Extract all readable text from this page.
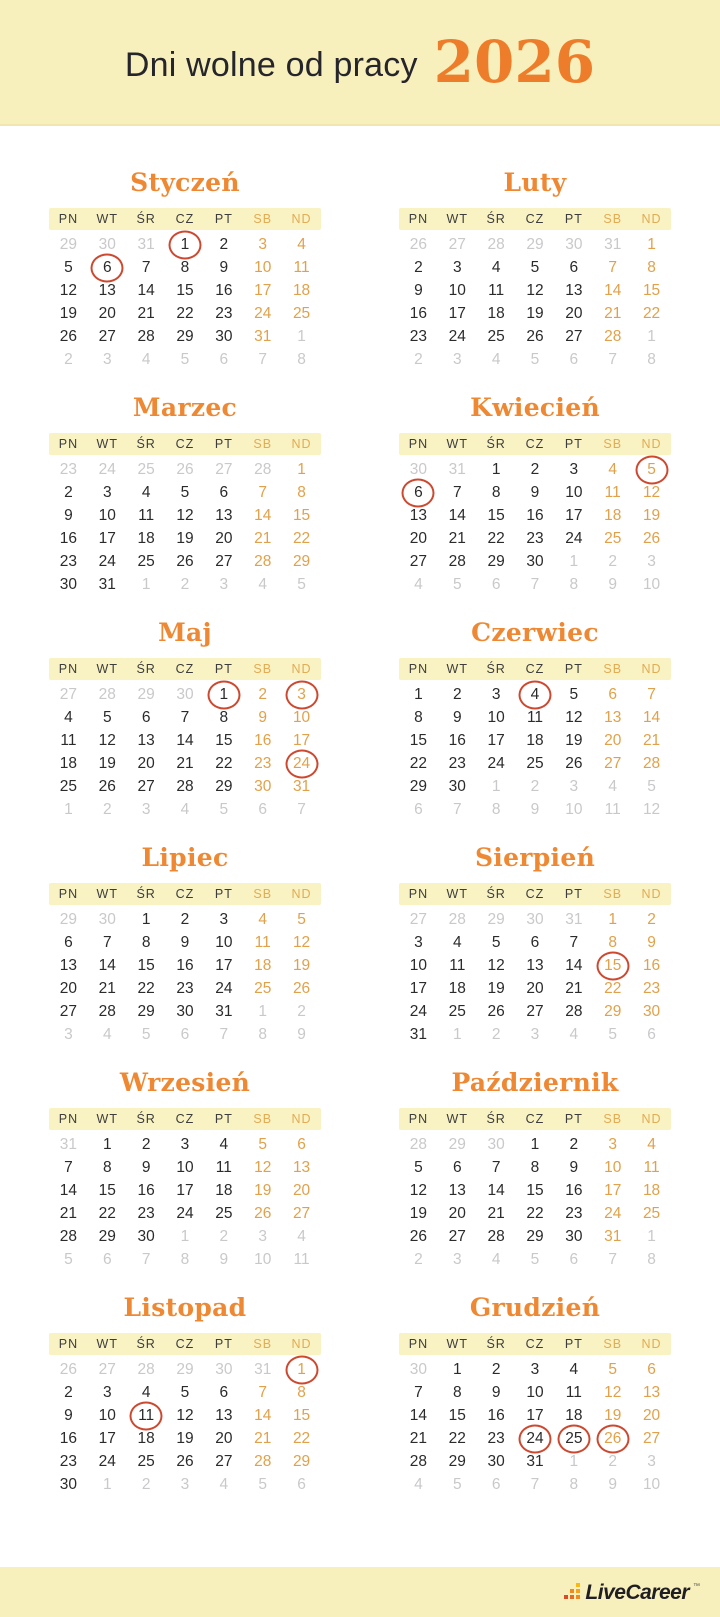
Dni wolne od pracy 2026
Styczeń
PN	WT	ŚR	CZ	PT	SB	ND
29	30	31	1	2	3	4
5	6	7	8	9	10	11
12	13	14	15	16	17	18
19	20	21	22	23	24	25
26	27	28	29	30	31	1
2	3	4	5	6	7	8
Luty
PN	WT	ŚR	CZ	PT	SB	ND
26	27	28	29	30	31	1
2	3	4	5	6	7	8
9	10	11	12	13	14	15
16	17	18	19	20	21	22
23	24	25	26	27	28	1
2	3	4	5	6	7	8
Marzec
PN	WT	ŚR	CZ	PT	SB	ND
23	24	25	26	27	28	1
2	3	4	5	6	7	8
9	10	11	12	13	14	15
16	17	18	19	20	21	22
23	24	25	26	27	28	29
30	31	1	2	3	4	5
Kwiecień
PN	WT	ŚR	CZ	PT	SB	ND
30	31	1	2	3	4	5
6	7	8	9	10	11	12
13	14	15	16	17	18	19
20	21	22	23	24	25	26
27	28	29	30	1	2	3
4	5	6	7	8	9	10
Maj
PN	WT	ŚR	CZ	PT	SB	ND
27	28	29	30	1	2	3
4	5	6	7	8	9	10
11	12	13	14	15	16	17
18	19	20	21	22	23	24
25	26	27	28	29	30	31
1	2	3	4	5	6	7
Czerwiec
PN	WT	ŚR	CZ	PT	SB	ND
1	2	3	4	5	6	7
8	9	10	11	12	13	14
15	16	17	18	19	20	21
22	23	24	25	26	27	28
29	30	1	2	3	4	5
6	7	8	9	10	11	12
Lipiec
PN	WT	ŚR	CZ	PT	SB	ND
29	30	1	2	3	4	5
6	7	8	9	10	11	12
13	14	15	16	17	18	19
20	21	22	23	24	25	26
27	28	29	30	31	1	2
3	4	5	6	7	8	9
Sierpień
PN	WT	ŚR	CZ	PT	SB	ND
27	28	29	30	31	1	2
3	4	5	6	7	8	9
10	11	12	13	14	15	16
17	18	19	20	21	22	23
24	25	26	27	28	29	30
31	1	2	3	4	5	6
Wrzesień
PN	WT	ŚR	CZ	PT	SB	ND
31	1	2	3	4	5	6
7	8	9	10	11	12	13
14	15	16	17	18	19	20
21	22	23	24	25	26	27
28	29	30	1	2	3	4
5	6	7	8	9	10	11
Październik
PN	WT	ŚR	CZ	PT	SB	ND
28	29	30	1	2	3	4
5	6	7	8	9	10	11
12	13	14	15	16	17	18
19	20	21	22	23	24	25
26	27	28	29	30	31	1
2	3	4	5	6	7	8
Listopad
PN	WT	ŚR	CZ	PT	SB	ND
26	27	28	29	30	31	1
2	3	4	5	6	7	8
9	10	11	12	13	14	15
16	17	18	19	20	21	22
23	24	25	26	27	28	29
30	1	2	3	4	5	6
Grudzień
PN	WT	ŚR	CZ	PT	SB	ND
30	1	2	3	4	5	6
7	8	9	10	11	12	13
14	15	16	17	18	19	20
21	22	23	24	25	26	27
28	29	30	31	1	2	3
4	5	6	7	8	9	10
LiveCareer ™
